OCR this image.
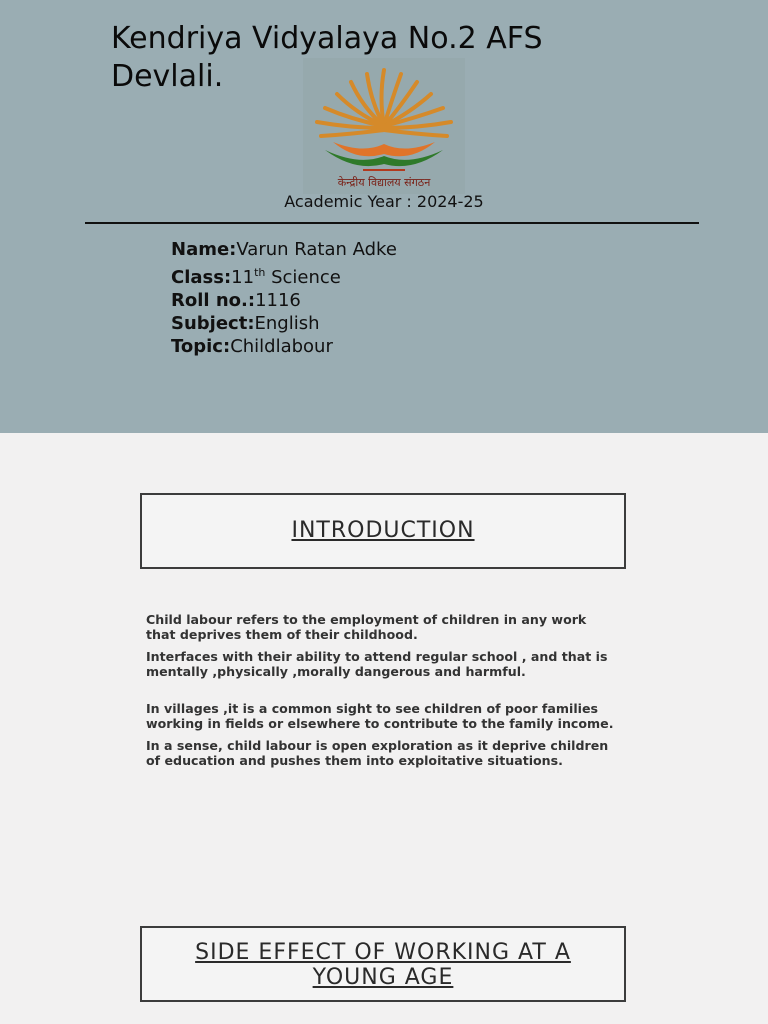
Kendriya Vidyalaya No.2 AFS Devlali.
केन्द्रीय विद्यालय संगठन
Academic Year : 2024-25
Name:Varun Ratan Adke
Class:11th Science
Roll no.:1116
Subject:English
Topic:Childlabour
INTRODUCTION

Child labour refers to the employment of children in any work that deprives them of their childhood.

Interfaces with their ability to attend regular school , and that is mentally ,physically ,morally dangerous and harmful.

In villages ,it is a common sight to see children of poor families working in fields or elsewhere to contribute to the family income.

In a sense, child labour is open exploration as it deprive children of education and pushes them into exploitative situations.

SIDE EFFECT OF WORKING AT A
YOUNG AGE
